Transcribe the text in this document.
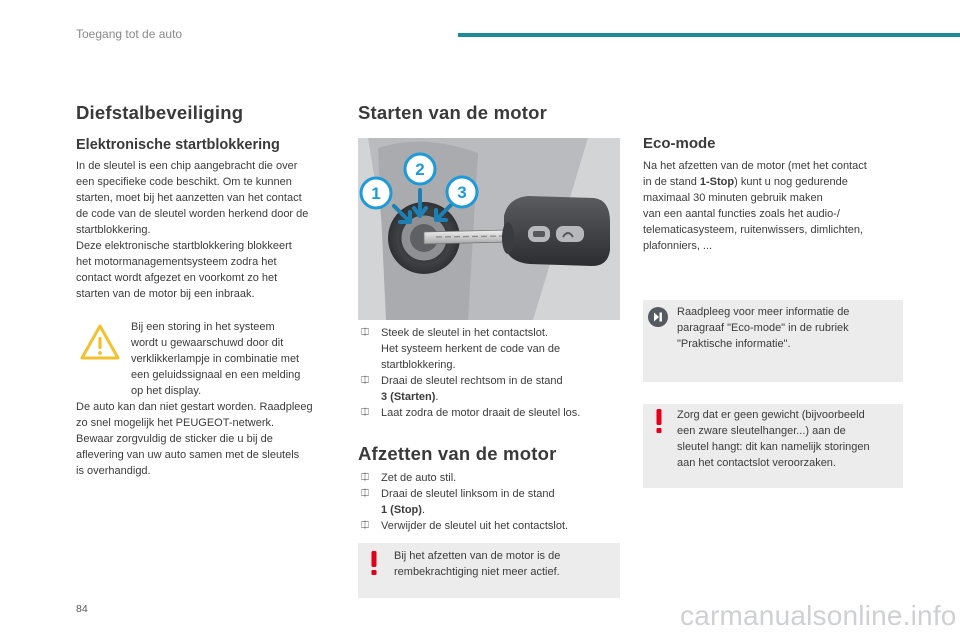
Toegang tot de auto
Diefstalbeveiliging
Elektronische startblokkering
In de sleutel is een chip aangebracht die over
een specifieke code beschikt. Om te kunnen
starten, moet bij het aanzetten van het contact
de code van de sleutel worden herkend door de
startblokkering.
Deze elektronische startblokkering blokkeert
het motormanagementsysteem zodra het
contact wordt afgezet en voorkomt zo het
starten van de motor bij een inbraak.
Bij een storing in het systeem
wordt u gewaarschuwd door dit
verklikkerlampje in combinatie met
een geluidssignaal en een melding
op het display.
De auto kan dan niet gestart worden. Raadpleeg
zo snel mogelijk het PEUGEOT-netwerk.
Bewaar zorgvuldig de sticker die u bij de
aflevering van uw auto samen met de sleutels
is overhandigd.
Starten van de motor
1
2
3
⎅ Steek de sleutel in het contactslot.
Het systeem herkent de code van de
startblokkering.
⎅ Draai de sleutel rechtsom in de stand
3 (Starten).
⎅ Laat zodra de motor draait de sleutel los.
Afzetten van de motor
⎅ Zet de auto stil.
⎅ Draai de sleutel linksom in de stand
1 (Stop).
⎅ Verwijder de sleutel uit het contactslot.
Bij het afzetten van de motor is de
rembekrachtiging niet meer actief.
Eco-mode
Na het afzetten van de motor (met het contact
in de stand 1-Stop) kunt u nog gedurende
maximaal 30 minuten gebruik maken
van een aantal functies zoals het audio-/
telematicasysteem, ruitenwissers, dimlichten,
plafonniers, ...
Raadpleeg voor meer informatie de
paragraaf "Eco-mode" in de rubriek
"Praktische informatie".
Zorg dat er geen gewicht (bijvoorbeeld
een zware sleutelhanger...) aan de
sleutel hangt: dit kan namelijk storingen
aan het contactslot veroorzaken.
84	carmanualsonline.info
